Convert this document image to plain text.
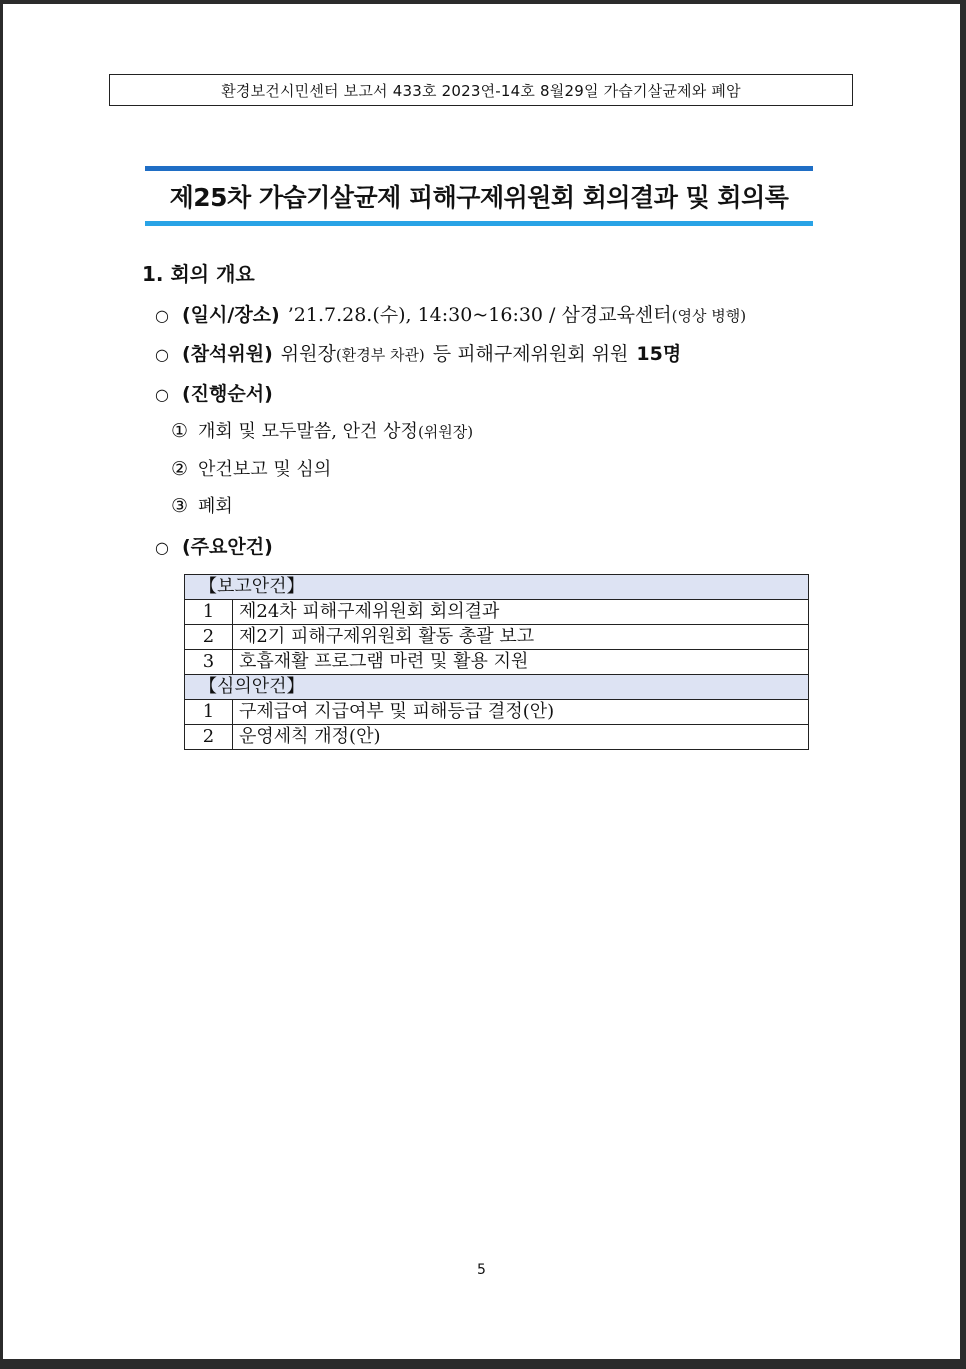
환경보건시민센터 보고서 433호 2023연-14호 8월29일 가습기살균제와 폐암
제25차 가습기살균제 피해구제위원회 회의결과 및 회의록
1. 회의 개요
○ (일시/장소) ’21.7.28.(수), 14:30~16:30 / 삼경교육센터 (영상 병행)
○ (참석위원) 위원장 (환경부 차관) 등 피해구제위원회 위원 15명
○ (진행순서)
① 개회 및 모두말씀, 안건 상정(위원장)
② 안건보고 및 심의
③ 폐회
○ (주요안건)
【보고안건】	
1	제24차 피해구제위원회 회의결과
2	제2기 피해구제위원회 활동 총괄 보고
3	호흡재활 프로그램 마련 및 활용 지원
【심의안건】	
1	구제급여 지급여부 및 피해등급 결정(안)
2	운영세칙 개정(안)
5
